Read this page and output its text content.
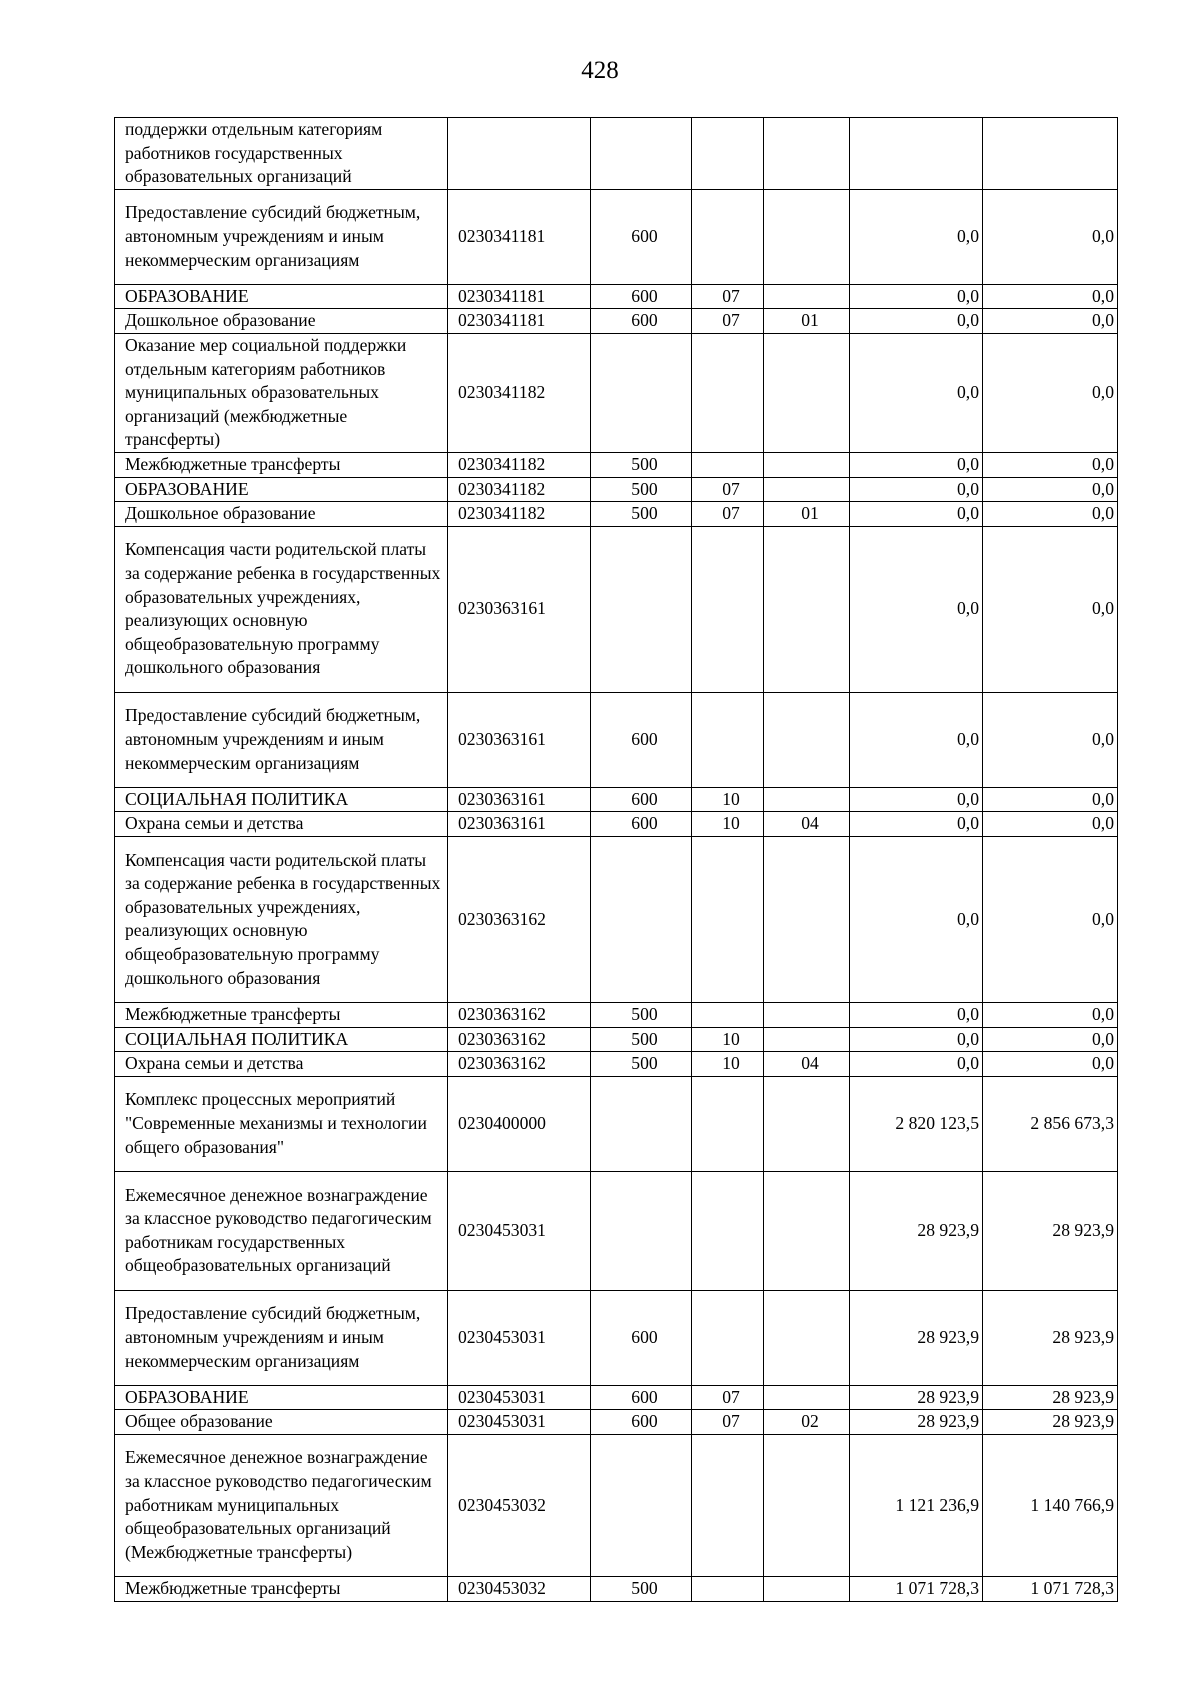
428
поддержки отдельным категориям работников государственных образовательных организаций						
Предоставление субсидий бюджетным, автономным учреждениям и иным некоммерческим организациям	0230341181	600			0,0	0,0
ОБРАЗОВАНИЕ	0230341181	600	07		0,0	0,0
Дошкольное образование	0230341181	600	07	01	0,0	0,0
Оказание мер социальной поддержки отдельным категориям работников муниципальных образовательных организаций (межбюджетные трансферты)	0230341182				0,0	0,0
Межбюджетные трансферты	0230341182	500			0,0	0,0
ОБРАЗОВАНИЕ	0230341182	500	07		0,0	0,0
Дошкольное образование	0230341182	500	07	01	0,0	0,0
Компенсация части родительской платы за содержание ребенка в государственных образовательных учреждениях, реализующих основную общеобразовательную программу дошкольного образования	0230363161				0,0	0,0
Предоставление субсидий бюджетным, автономным учреждениям и иным некоммерческим организациям	0230363161	600			0,0	0,0
СОЦИАЛЬНАЯ ПОЛИТИКА	0230363161	600	10		0,0	0,0
Охрана семьи и детства	0230363161	600	10	04	0,0	0,0
Компенсация части родительской платы за содержание ребенка в государственных образовательных учреждениях, реализующих основную общеобразовательную программу дошкольного образования	0230363162				0,0	0,0
Межбюджетные трансферты	0230363162	500			0,0	0,0
СОЦИАЛЬНАЯ ПОЛИТИКА	0230363162	500	10		0,0	0,0
Охрана семьи и детства	0230363162	500	10	04	0,0	0,0
Комплекс процессных мероприятий "Современные механизмы и технологии общего образования"	0230400000				2 820 123,5	2 856 673,3
Ежемесячное денежное вознаграждение за классное руководство педагогическим работникам государственных общеобразовательных организаций	0230453031				28 923,9	28 923,9
Предоставление субсидий бюджетным, автономным учреждениям и иным некоммерческим организациям	0230453031	600			28 923,9	28 923,9
ОБРАЗОВАНИЕ	0230453031	600	07		28 923,9	28 923,9
Общее образование	0230453031	600	07	02	28 923,9	28 923,9
Ежемесячное денежное вознаграждение за классное руководство педагогическим работникам муниципальных общеобразовательных организаций (Межбюджетные трансферты)	0230453032				1 121 236,9	1 140 766,9
Межбюджетные трансферты	0230453032	500			1 071 728,3	1 071 728,3
